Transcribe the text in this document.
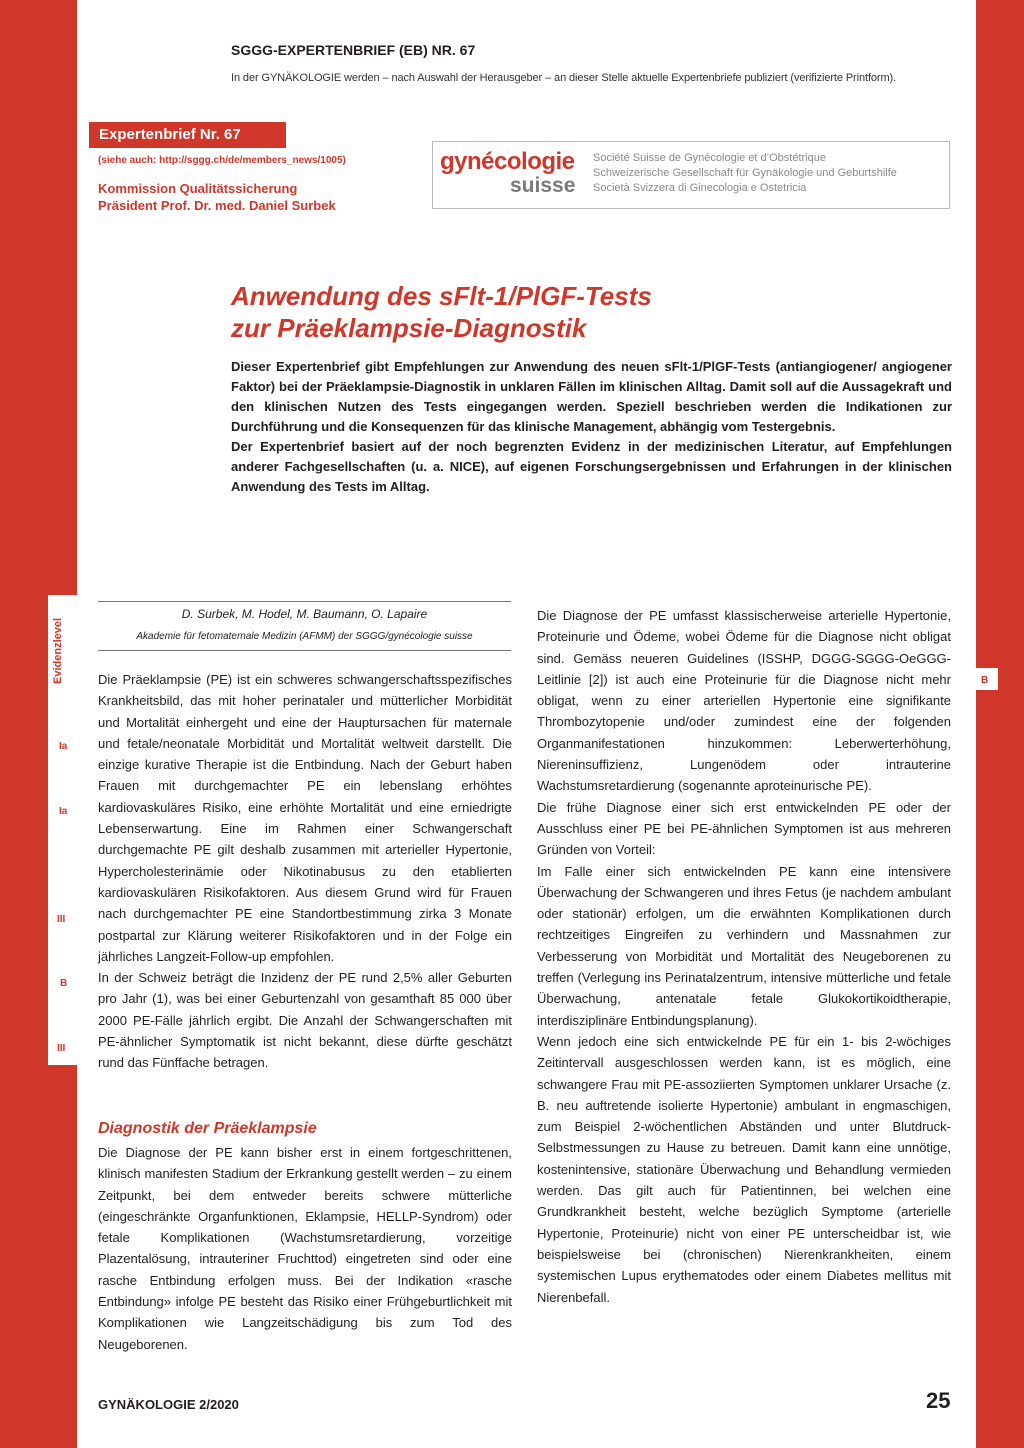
Evidenzlevel
Ia
Ia
III
B
III
B
SGGG-EXPERTENBRIEF (EB) NR. 67
In der GYNÄKOLOGIE werden – nach Auswahl der Herausgeber – an dieser Stelle aktuelle Expertenbriefe publiziert (verifizierte Printform).
Expertenbrief Nr. 67
(siehe auch: http://sggg.ch/de/members_news/1005)
Kommission Qualitätssicherung
Präsident Prof. Dr. med. Daniel Surbek
gynécologie
suisse
Société Suisse de Gynécologie et d’Obstétrique
Schweizerische Gesellschaft für Gynäkologie und Geburtshilfe
Società Svizzera di Ginecologia e Ostetricia
Anwendung des sFlt-1/PlGF-Tests
zur Präeklampsie-Diagnostik

Dieser Expertenbrief gibt Empfehlungen zur Anwendung des neuen sFlt-1/PlGF-Tests (antiangiogener/ angiogener Faktor) bei der Präeklampsie-Diagnostik in unklaren Fällen im klinischen Alltag. Damit soll auf die Aussagekraft und den klinischen Nutzen des Tests eingegangen werden. Speziell beschrieben werden die Indikationen zur Durchführung und die Konsequenzen für das klinische Management, abhängig vom Testergebnis.

Der Expertenbrief basiert auf der noch begrenzten Evidenz in der medizinischen Literatur, auf Empfehlungen anderer Fachgesellschaften (u. a. NICE), auf eigenen Forschungsergebnissen und Erfahrungen in der klinischen Anwendung des Tests im Alltag.

D. Surbek, M. Hodel, M. Baumann, O. Lapaire
Akademie für fetomaternale Medizin (AFMM) der SGGG/gynécologie suisse

Die Präeklampsie (PE) ist ein schweres schwangerschaftsspezifisches Krankheitsbild, das mit hoher perinataler und mütterlicher Morbidität und Mortalität einhergeht und eine der Hauptursachen für maternale und fetale/neonatale Morbidität und Mortalität weltweit darstellt. Die einzige kurative Therapie ist die Entbindung. Nach der Geburt haben Frauen mit durchgemachter PE ein lebenslang erhöhtes kardiovaskuläres Risiko, eine erhöhte Mortalität und eine erniedrigte Lebenserwartung. Eine im Rahmen einer Schwangerschaft durchgemachte PE gilt deshalb zusammen mit arterieller Hypertonie, Hypercholesterinämie oder Nikotinabusus zu den etablierten kardiovaskulären Risikofaktoren. Aus diesem Grund wird für Frauen nach durchgemachter PE eine Standortbestimmung zirka 3 Monate postpartal zur Klärung weiterer Risikofaktoren und in der Folge ein jährliches Langzeit-Follow-up empfohlen.

In der Schweiz beträgt die Inzidenz der PE rund 2,5% aller Geburten pro Jahr (1), was bei einer Geburtenzahl von gesamthaft 85 000 über 2000 PE-Fälle jährlich ergibt. Die Anzahl der Schwangerschaften mit PE-ähnlicher Symptomatik ist nicht bekannt, diese dürfte geschätzt rund das Fünffache betragen.

Diagnostik der Präeklampsie

Die Diagnose der PE kann bisher erst in einem fortgeschrittenen, klinisch manifesten Stadium der Erkrankung gestellt werden – zu einem Zeitpunkt, bei dem entweder bereits schwere mütterliche (eingeschränkte Organfunktionen, Eklampsie, HELLP-Syndrom) oder fetale Komplikationen (Wachstumsretardierung, vorzeitige Plazentalösung, intrauteriner Fruchttod) eingetreten sind oder eine rasche Entbindung erfolgen muss. Bei der Indikation «rasche Entbindung» infolge PE besteht das Risiko einer Frühgeburtlichkeit mit Komplikationen wie Langzeitschädigung bis zum Tod des Neugeborenen.

Die Diagnose der PE umfasst klassischerweise arterielle Hypertonie, Proteinurie und Ödeme, wobei Ödeme für die Diagnose nicht obligat sind. Gemäss neueren Guidelines (ISSHP, DGGG-SGGG-OeGGG-Leitlinie [2]) ist auch eine Proteinurie für die Diagnose nicht mehr obligat, wenn zu einer arteriellen Hypertonie eine signifikante Thrombozytopenie und/oder zumindest eine der folgenden Organmanifestationen hinzukommen: Leberwerterhöhung, Niereninsuffizienz, Lungenödem oder intrauterine Wachstumsretardierung (sogenannte aproteinurische PE).

Die frühe Diagnose einer sich erst entwickelnden PE oder der Ausschluss einer PE bei PE-ähnlichen Symptomen ist aus mehreren Gründen von Vorteil:

Im Falle einer sich entwickelnden PE kann eine intensivere Überwachung der Schwangeren und ihres Fetus (je nachdem ambulant oder stationär) erfolgen, um die erwähnten Komplikationen durch rechtzeitiges Eingreifen zu verhindern und Massnahmen zur Verbesserung von Morbidität und Mortalität des Neugeborenen zu treffen (Verlegung ins Perinatalzentrum, intensive mütterliche und fetale Überwachung, antenatale fetale Glukokortikoidtherapie, interdisziplinäre Entbindungsplanung).

Wenn jedoch eine sich entwickelnde PE für ein 1- bis 2-wöchiges Zeitintervall ausgeschlossen werden kann, ist es möglich, eine schwangere Frau mit PE-assoziierten Symptomen unklarer Ursache (z. B. neu auftretende isolierte Hypertonie) ambulant in engmaschigen, zum Beispiel 2-wöchentlichen Abständen und unter Blutdruck-Selbstmessungen zu Hause zu betreuen. Damit kann eine unnötige, kostenintensive, stationäre Überwachung und Behandlung vermieden werden. Das gilt auch für Patientinnen, bei welchen eine Grundkrankheit besteht, welche bezüglich Symptome (arterielle Hypertonie, Proteinurie) nicht von einer PE unterscheidbar ist, wie beispielsweise bei (chronischen) Nierenkrankheiten, einem systemischen Lupus erythematodes oder einem Diabetes mellitus mit Nierenbefall.

GYNÄKOLOGIE 2/2020	25
